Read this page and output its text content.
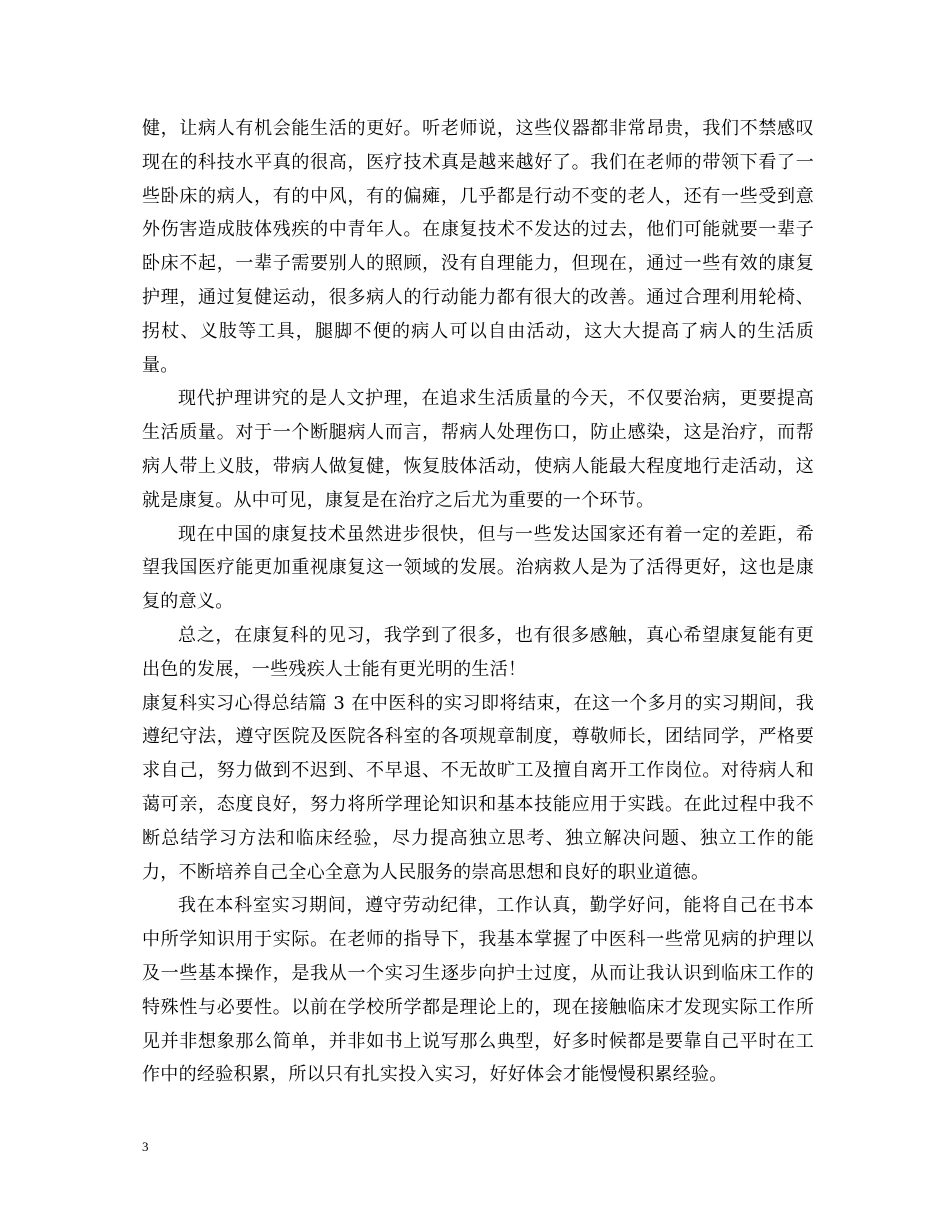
健，让病人有机会能生活的更好。听老师说，这些仪器都非常昂贵，我们不禁感叹现在的科技水平真的很高，医疗技术真是越来越好了。我们在老师的带领下看了一些卧床的病人，有的中风，有的偏瘫，几乎都是行动不变的老人，还有一些受到意外伤害造成肢体残疾的中青年人。在康复技术不发达的过去，他们可能就要一辈子卧床不起，一辈子需要别人的照顾，没有自理能力，但现在，通过一些有效的康复护理，通过复健运动，很多病人的行动能力都有很大的改善。通过合理利用轮椅、拐杖、义肢等工具，腿脚不便的病人可以自由活动，这大大提高了病人的生活质量。

现代护理讲究的是人文护理，在追求生活质量的今天，不仅要治病，更要提高生活质量。对于一个断腿病人而言，帮病人处理伤口，防止感染，这是治疗，而帮病人带上义肢，带病人做复健，恢复肢体活动，使病人能最大程度地行走活动，这就是康复。从中可见，康复是在治疗之后尤为重要的一个环节。

现在中国的康复技术虽然进步很快，但与一些发达国家还有着一定的差距，希望我国医疗能更加重视康复这一领域的发展。治病救人是为了活得更好，这也是康复的意义。

总之，在康复科的见习，我学到了很多，也有很多感触，真心希望康复能有更出色的发展，一些残疾人士能有更光明的生活！

康复科实习心得总结篇 3 在中医科的实习即将结束，在这一个多月的实习期间，我遵纪守法，遵守医院及医院各科室的各项规章制度，尊敬师长，团结同学，严格要求自己，努力做到不迟到、不早退、不无故旷工及擅自离开工作岗位。对待病人和蔼可亲，态度良好，努力将所学理论知识和基本技能应用于实践。在此过程中我不断总结学习方法和临床经验，尽力提高独立思考、独立解决问题、独立工作的能力，不断培养自己全心全意为人民服务的崇高思想和良好的职业道德。

我在本科室实习期间，遵守劳动纪律，工作认真，勤学好问，能将自己在书本中所学知识用于实际。在老师的指导下，我基本掌握了中医科一些常见病的护理以及一些基本操作，是我从一个实习生逐步向护士过度，从而让我认识到临床工作的特殊性与必要性。以前在学校所学都是理论上的，现在接触临床才发现实际工作所见并非想象那么简单，并非如书上说写那么典型，好多时候都是要靠自己平时在工作中的经验积累，所以只有扎实投入实习，好好体会才能慢慢积累经验。

3
